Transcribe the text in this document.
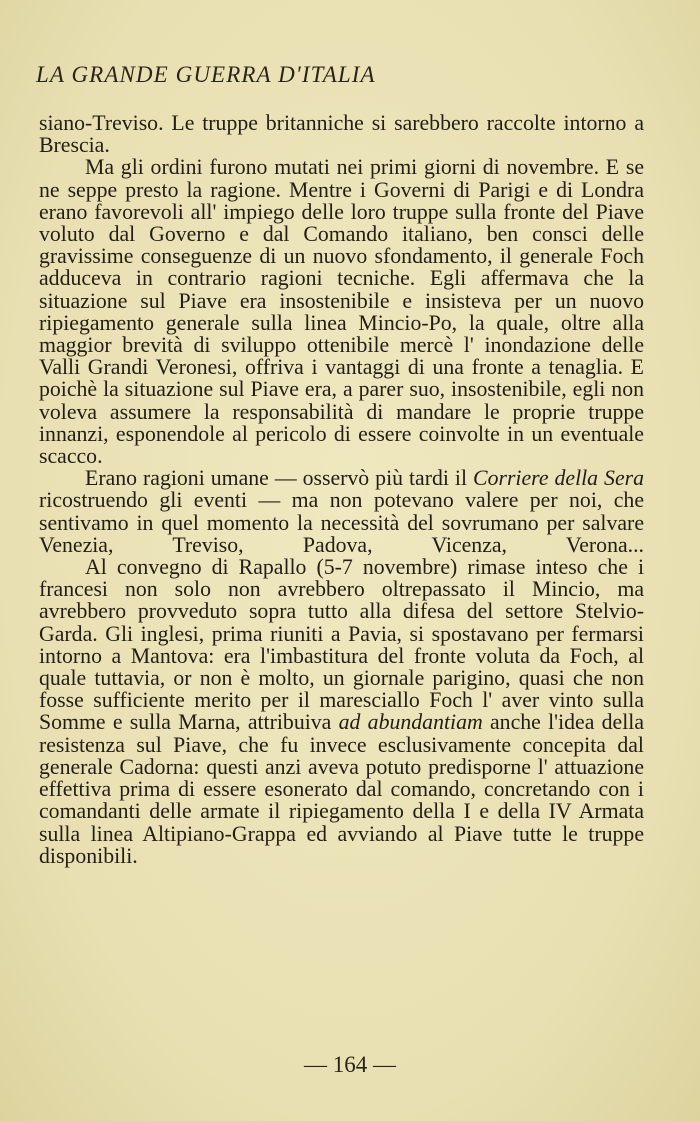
LA GRANDE GUERRA D'ITALIA

siano-Treviso. Le truppe britanniche si sarebbero raccolte intorno a Brescia.

Ma gli ordini furono mutati nei primi giorni di novembre. E se ne seppe presto la ragione. Mentre i Governi di Parigi e di Londra erano favorevoli all' impiego delle loro truppe sulla fronte del Piave voluto dal Governo e dal Comando italiano, ben consci delle gravissime conseguenze di un nuovo sfondamento, il generale Foch adduceva in contrario ragioni tecniche. Egli affermava che la situazione sul Piave era insostenibile e insisteva per un nuovo ripiegamento generale sulla linea Mincio-Po, la quale, oltre alla maggior brevità di sviluppo ottenibile mercè l' inondazione delle Valli Grandi Veronesi, offriva i vantaggi di una fronte a tenaglia. E poichè la situazione sul Piave era, a parer suo, insostenibile, egli non voleva assumere la responsabilità di mandare le proprie truppe innanzi, esponendole al pericolo di essere coinvolte in un eventuale scacco.

Erano ragioni umane — osservò più tardi il Corriere della Sera ricostruendo gli eventi — ma non potevano valere per noi, che sentivamo in quel momento la necessità del sovrumano per salvare Venezia, Treviso, Padova, Vicenza, Verona...

Al convegno di Rapallo (5-7 novembre) rimase inteso che i francesi non solo non avrebbero oltrepassato il Mincio, ma avrebbero provveduto sopra tutto alla difesa del settore Stelvio-Garda. Gli inglesi, prima riuniti a Pavia, si spostavano per fermarsi intorno a Mantova: era l'imbastitura del fronte voluta da Foch, al quale tuttavia, or non è molto, un giornale parigino, quasi che non fosse sufficiente merito per il maresciallo Foch l' aver vinto sulla Somme e sulla Marna, attribuiva ad abundantiam anche l'idea della resistenza sul Piave, che fu invece esclusivamente concepita dal generale Cadorna: questi anzi aveva potuto predisporne l' attuazione effettiva prima di essere esonerato dal comando, concretando con i comandanti delle armate il ripiegamento della I e della IV Armata sulla linea Altipiano-Grappa ed avviando al Piave tutte le truppe disponibili.

— 164 —
